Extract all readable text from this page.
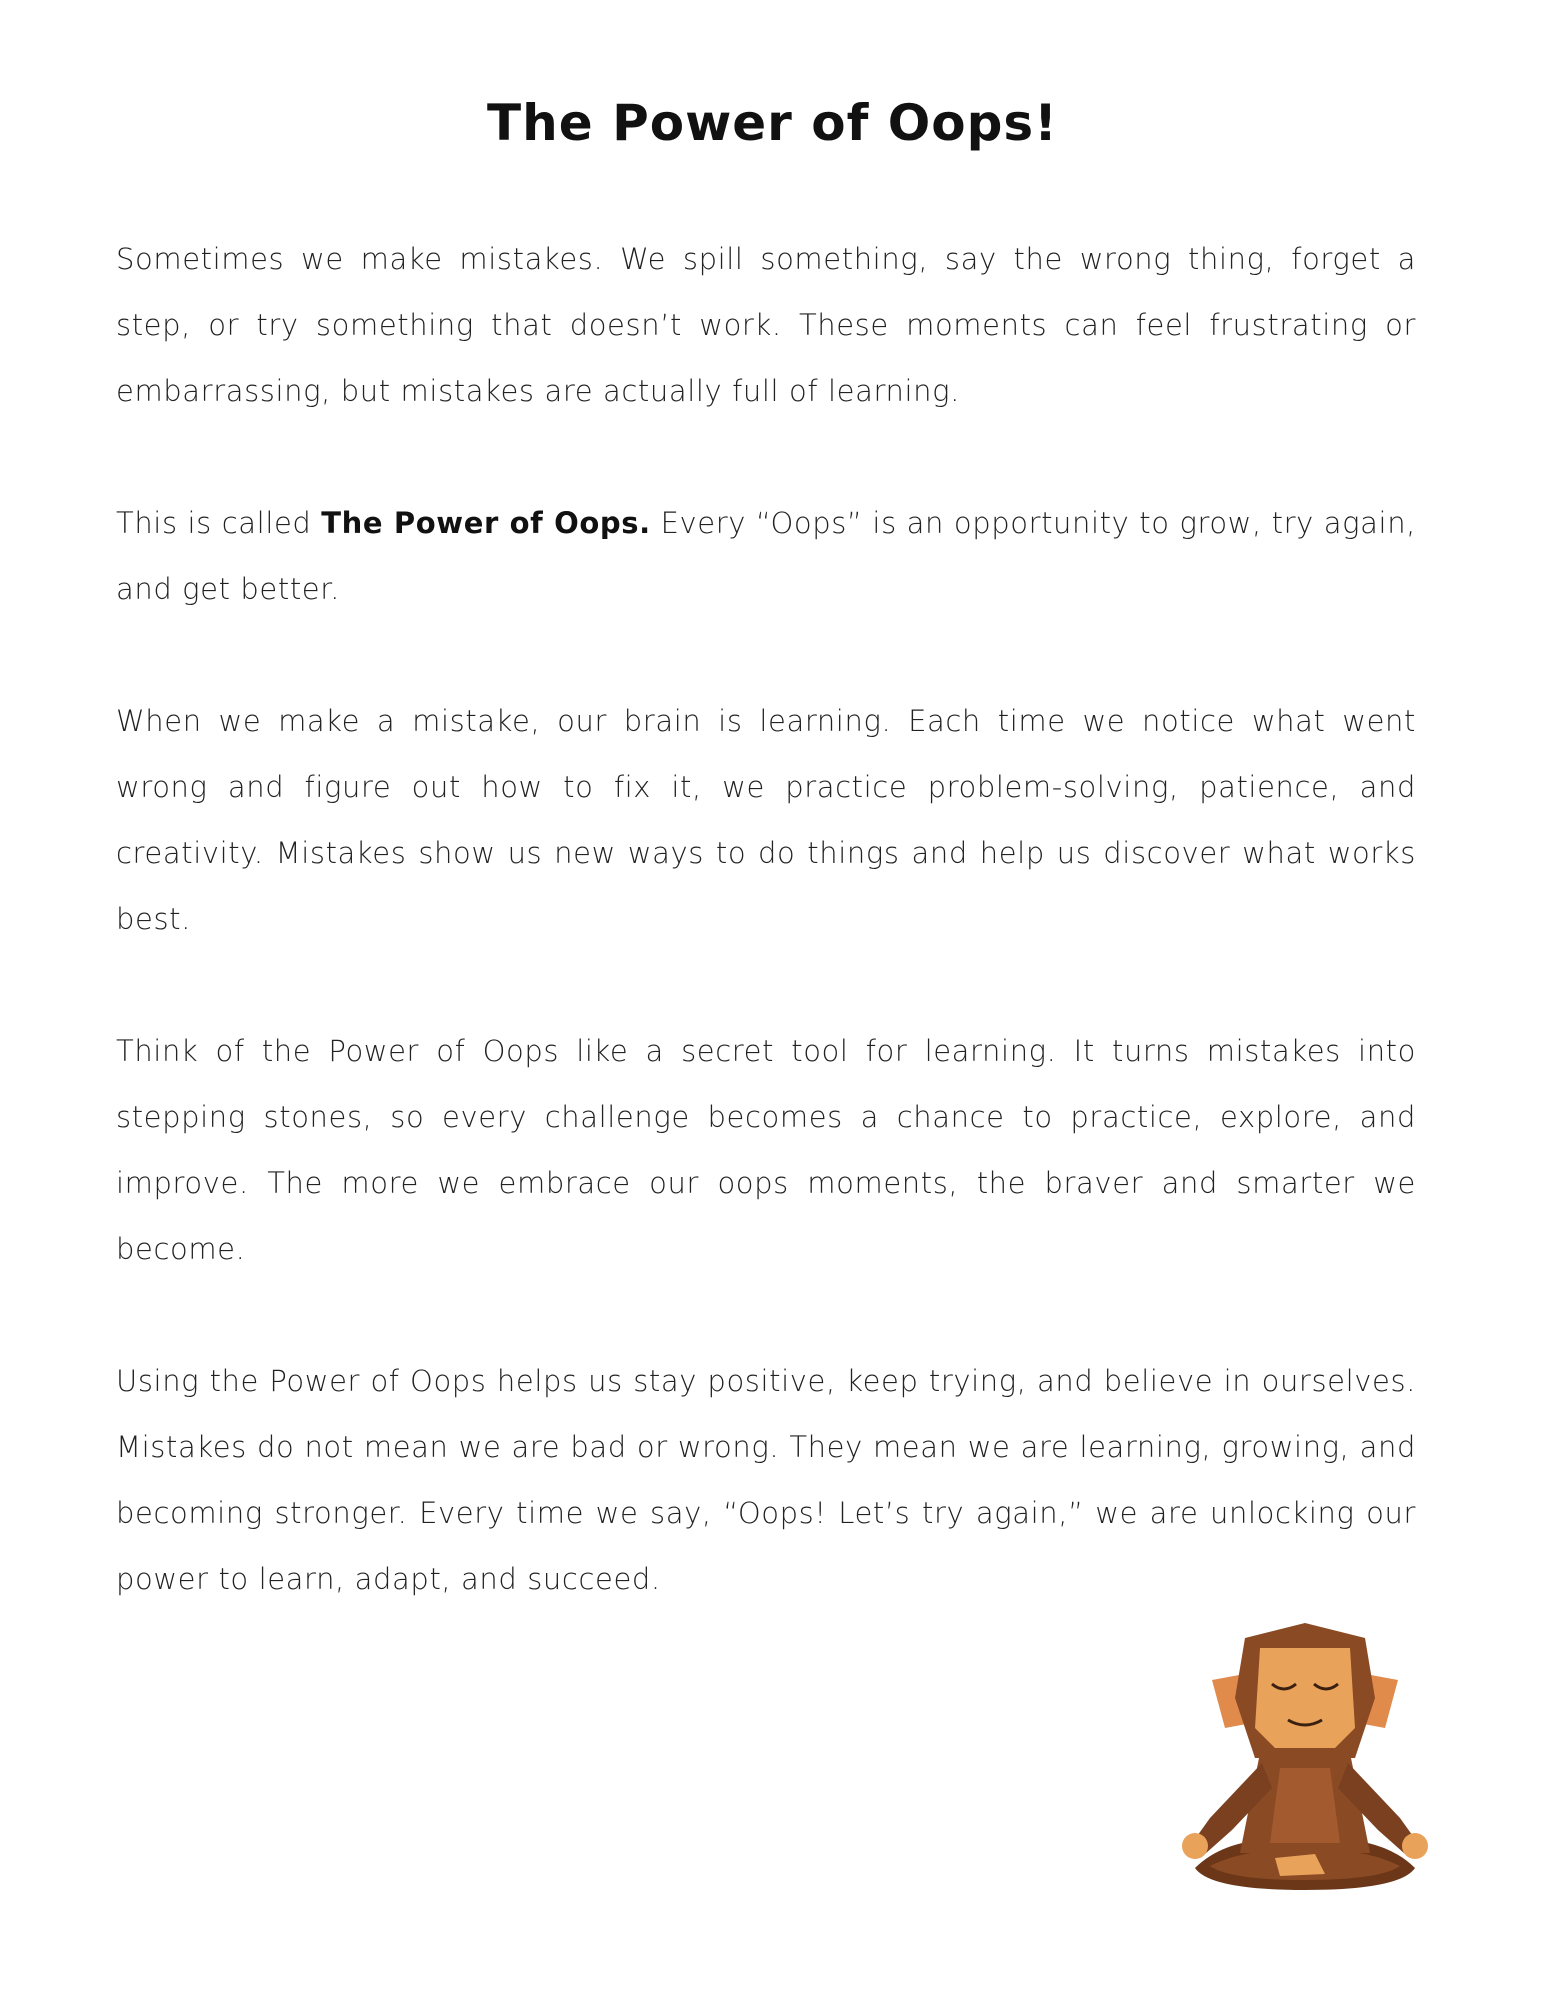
The Power of Oops!

Sometimes we make mistakes. We spill something, say the wrong thing, forget a step, or try something that doesn’t work. These moments can feel frustrating or embarrassing, but mistakes are actually full of learning.

This is called The Power of Oops. Every “Oops” is an opportunity to grow, try again, and get better.

When we make a mistake, our brain is learning. Each time we notice what went wrong and figure out how to fix it, we practice problem-solving, patience, and creativity. Mistakes show us new ways to do things and help us discover what works best.

Think of the Power of Oops like a secret tool for learning. It turns mistakes into stepping stones, so every challenge becomes a chance to practice, explore, and improve. The more we embrace our oops moments, the braver and smarter we become.

Using the Power of Oops helps us stay positive, keep trying, and believe in ourselves. Mistakes do not mean we are bad or wrong. They mean we are learning, growing, and becoming stronger. Every time we say, “Oops! Let’s try again,” we are unlocking our power to learn, adapt, and succeed.
